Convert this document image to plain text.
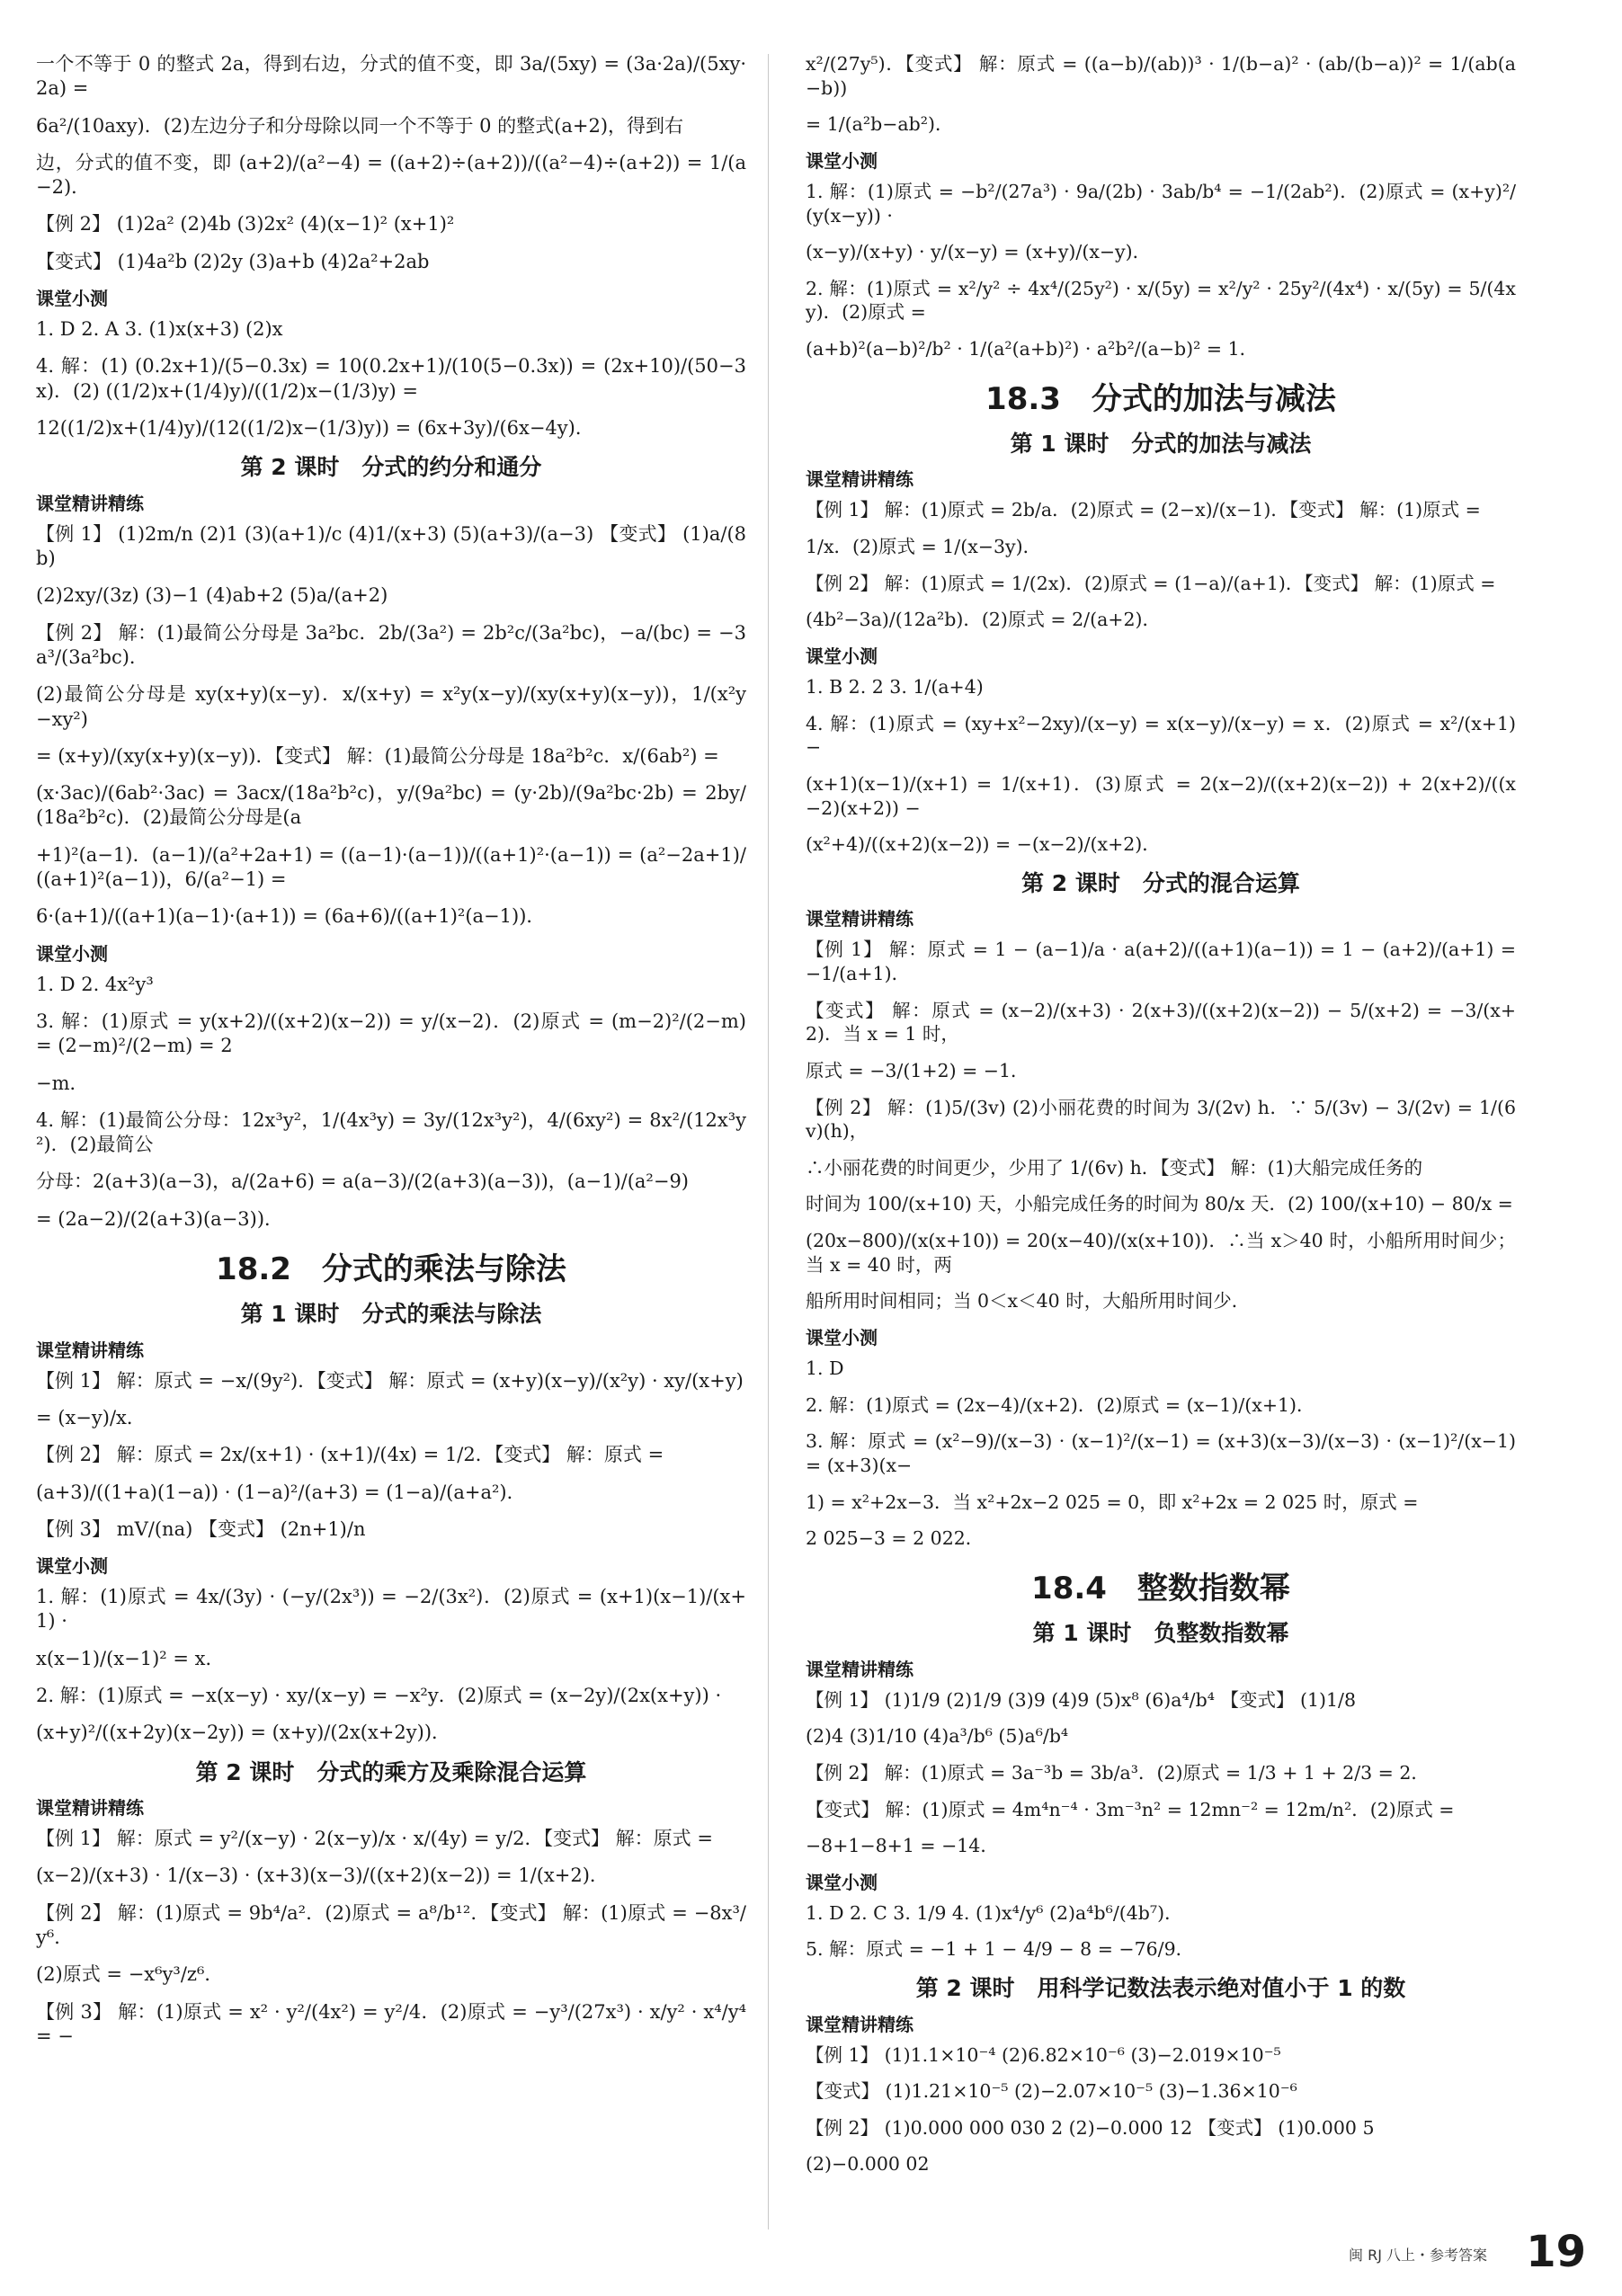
一个不等于 0 的整式 2a，得到右边，分式的值不变，即 3a/(5xy) = (3a·2a)/(5xy·2a) =
6a²/(10axy)．(2)左边分子和分母除以同一个不等于 0 的整式(a+2)，得到右
边，分式的值不变，即 (a+2)/(a²−4) = ((a+2)÷(a+2))/((a²−4)÷(a+2)) = 1/(a−2)．
【例 2】 (1)2a² (2)4b (3)2x² (4)(x−1)² (x+1)²
【变式】 (1)4a²b (2)2y (3)a+b (4)2a²+2ab
课堂小测
1. D 2. A 3. (1)x(x+3) (2)x
4. 解：(1) (0.2x+1)/(5−0.3x) = 10(0.2x+1)/(10(5−0.3x)) = (2x+10)/(50−3x)．(2) ((1/2)x+(1/4)y)/((1/2)x−(1/3)y) =
12((1/2)x+(1/4)y)/(12((1/2)x−(1/3)y)) = (6x+3y)/(6x−4y)．
第 2 课时　分式的约分和通分
课堂精讲精练
【例 1】 (1)2m/n (2)1 (3)(a+1)/c (4)1/(x+3) (5)(a+3)/(a−3) 【变式】 (1)a/(8b)
(2)2xy/(3z) (3)−1 (4)ab+2 (5)a/(a+2)
【例 2】 解：(1)最简公分母是 3a²bc．2b/(3a²) = 2b²c/(3a²bc)，−a/(bc) = −3a³/(3a²bc)．
(2)最简公分母是 xy(x+y)(x−y)．x/(x+y) = x²y(x−y)/(xy(x+y)(x−y))，1/(x²y−xy²)
= (x+y)/(xy(x+y)(x−y))．【变式】 解：(1)最简公分母是 18a²b²c．x/(6ab²) =
(x·3ac)/(6ab²·3ac) = 3acx/(18a²b²c)，y/(9a²bc) = (y·2b)/(9a²bc·2b) = 2by/(18a²b²c)．(2)最简公分母是(a
+1)²(a−1)．(a−1)/(a²+2a+1) = ((a−1)·(a−1))/((a+1)²·(a−1)) = (a²−2a+1)/((a+1)²(a−1))，6/(a²−1) =
6·(a+1)/((a+1)(a−1)·(a+1)) = (6a+6)/((a+1)²(a−1))．
课堂小测
1. D 2. 4x²y³
3. 解：(1)原式 = y(x+2)/((x+2)(x−2)) = y/(x−2)．(2)原式 = (m−2)²/(2−m) = (2−m)²/(2−m) = 2
−m．
4. 解：(1)最简公分母：12x³y²，1/(4x³y) = 3y/(12x³y²)，4/(6xy²) = 8x²/(12x³y²)．(2)最简公
分母：2(a+3)(a−3)，a/(2a+6) = a(a−3)/(2(a+3)(a−3))，(a−1)/(a²−9)
= (2a−2)/(2(a+3)(a−3))．
18.2　分式的乘法与除法
第 1 课时　分式的乘法与除法
课堂精讲精练
【例 1】 解：原式 = −x/(9y²)．【变式】 解：原式 = (x+y)(x−y)/(x²y) · xy/(x+y)
= (x−y)/x．
【例 2】 解：原式 = 2x/(x+1) · (x+1)/(4x) = 1/2．【变式】 解：原式 =
(a+3)/((1+a)(1−a)) · (1−a)²/(a+3) = (1−a)/(a+a²)．
【例 3】 mV/(na) 【变式】 (2n+1)/n
课堂小测
1. 解：(1)原式 = 4x/(3y) · (−y/(2x³)) = −2/(3x²)．(2)原式 = (x+1)(x−1)/(x+1) ·
x(x−1)/(x−1)² = x．
2. 解：(1)原式 = −x(x−y) · xy/(x−y) = −x²y．(2)原式 = (x−2y)/(2x(x+y)) ·
(x+y)²/((x+2y)(x−2y)) = (x+y)/(2x(x+2y))．
第 2 课时　分式的乘方及乘除混合运算
课堂精讲精练
【例 1】 解：原式 = y²/(x−y) · 2(x−y)/x · x/(4y) = y/2．【变式】 解：原式 =
(x−2)/(x+3) · 1/(x−3) · (x+3)(x−3)/((x+2)(x−2)) = 1/(x+2)．
【例 2】 解：(1)原式 = 9b⁴/a²．(2)原式 = a⁸/b¹²．【变式】 解：(1)原式 = −8x³/y⁶．
(2)原式 = −x⁶y³/z⁶．
【例 3】 解：(1)原式 = x² · y²/(4x²) = y²/4．(2)原式 = −y³/(27x³) · x/y² · x⁴/y⁴ = −
x²/(27y⁵)．【变式】 解：原式 = ((a−b)/(ab))³ · 1/(b−a)² · (ab/(b−a))² = 1/(ab(a−b))
= 1/(a²b−ab²)．
课堂小测
1. 解：(1)原式 = −b²/(27a³) · 9a/(2b) · 3ab/b⁴ = −1/(2ab²)．(2)原式 = (x+y)²/(y(x−y)) ·
(x−y)/(x+y) · y/(x−y) = (x+y)/(x−y)．
2. 解：(1)原式 = x²/y² ÷ 4x⁴/(25y²) · x/(5y) = x²/y² · 25y²/(4x⁴) · x/(5y) = 5/(4xy)．(2)原式 =
(a+b)²(a−b)²/b² · 1/(a²(a+b)²) · a²b²/(a−b)² = 1．
18.3　分式的加法与减法
第 1 课时　分式的加法与减法
课堂精讲精练
【例 1】 解：(1)原式 = 2b/a．(2)原式 = (2−x)/(x−1)．【变式】 解：(1)原式 =
1/x．(2)原式 = 1/(x−3y)．
【例 2】 解：(1)原式 = 1/(2x)．(2)原式 = (1−a)/(a+1)．【变式】 解：(1)原式 =
(4b²−3a)/(12a²b)．(2)原式 = 2/(a+2)．
课堂小测
1. B 2. 2 3. 1/(a+4)
4. 解：(1)原式 = (xy+x²−2xy)/(x−y) = x(x−y)/(x−y) = x．(2)原式 = x²/(x+1) −
(x+1)(x−1)/(x+1) = 1/(x+1)．(3)原式 = 2(x−2)/((x+2)(x−2)) + 2(x+2)/((x−2)(x+2)) −
(x²+4)/((x+2)(x−2)) = −(x−2)/(x+2)．
第 2 课时　分式的混合运算
课堂精讲精练
【例 1】 解：原式 = 1 − (a−1)/a · a(a+2)/((a+1)(a−1)) = 1 − (a+2)/(a+1) = −1/(a+1)．
【变式】 解：原式 = (x−2)/(x+3) · 2(x+3)/((x+2)(x−2)) − 5/(x+2) = −3/(x+2)．当 x = 1 时，
原式 = −3/(1+2) = −1．
【例 2】 解：(1)5/(3v) (2)小丽花费的时间为 3/(2v) h．∵ 5/(3v) − 3/(2v) = 1/(6v)(h)，
∴小丽花费的时间更少，少用了 1/(6v) h．【变式】 解：(1)大船完成任务的
时间为 100/(x+10) 天，小船完成任务的时间为 80/x 天．(2) 100/(x+10) − 80/x =
(20x−800)/(x(x+10)) = 20(x−40)/(x(x+10))．∴当 x＞40 时，小船所用时间少；当 x = 40 时，两
船所用时间相同；当 0＜x＜40 时，大船所用时间少．
课堂小测
1. D
2. 解：(1)原式 = (2x−4)/(x+2)．(2)原式 = (x−1)/(x+1)．
3. 解：原式 = (x²−9)/(x−3) · (x−1)²/(x−1) = (x+3)(x−3)/(x−3) · (x−1)²/(x−1) = (x+3)(x−
1) = x²+2x−3．当 x²+2x−2 025 = 0，即 x²+2x = 2 025 时，原式 =
2 025−3 = 2 022．
18.4　整数指数幂
第 1 课时　负整数指数幂
课堂精讲精练
【例 1】 (1)1/9 (2)1/9 (3)9 (4)9 (5)x⁸ (6)a⁴/b⁴ 【变式】 (1)1/8
(2)4 (3)1/10 (4)a³/b⁶ (5)a⁶/b⁴
【例 2】 解：(1)原式 = 3a⁻³b = 3b/a³．(2)原式 = 1/3 + 1 + 2/3 = 2．
【变式】 解：(1)原式 = 4m⁴n⁻⁴ · 3m⁻³n² = 12mn⁻² = 12m/n²．(2)原式 =
−8+1−8+1 = −14．
课堂小测
1. D 2. C 3. 1/9 4. (1)x⁴/y⁶ (2)a⁴b⁶/(4b⁷)．
5. 解：原式 = −1 + 1 − 4/9 − 8 = −76/9．
第 2 课时　用科学记数法表示绝对值小于 1 的数
课堂精讲精练
【例 1】 (1)1.1×10⁻⁴ (2)6.82×10⁻⁶ (3)−2.019×10⁻⁵
【变式】 (1)1.21×10⁻⁵ (2)−2.07×10⁻⁵ (3)−1.36×10⁻⁶
【例 2】 (1)0.000 000 030 2 (2)−0.000 12 【变式】 (1)0.000 5
(2)−0.000 02
闽 RJ 八上・参考答案 19
